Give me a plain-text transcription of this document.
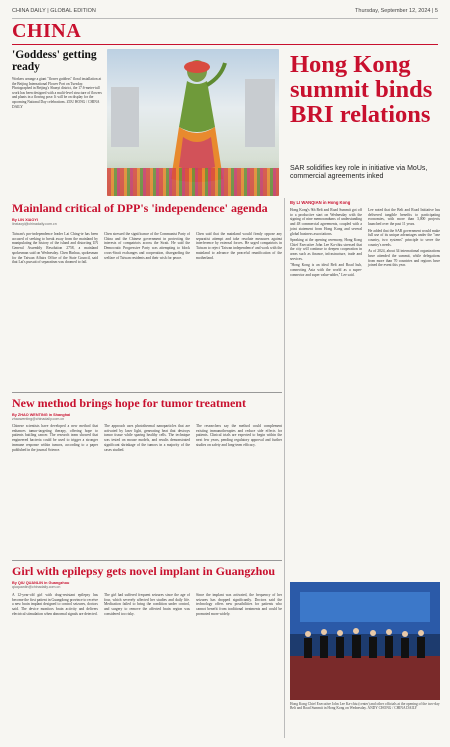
CHINA DAILY | GLOBAL EDITION	Thursday, September 12, 2024 | 5
CHINA
'Goddess' getting ready

Workers arrange a giant "flower goddess" floral installation at the Beijing International Flower Port on Tuesday. Photographed in Beijing's Shunyi district, the 17.6-meter-tall work has been designed with a multi-level structure of flowers and plants in a flowing pose. It will be on display for the upcoming National Day celebrations. ZOU HONG / CHINA DAILY

Hong Kong summit binds BRI relations
SAR solidifies key role in initiative via MoUs, commercial agreements inked
By LI WANQIAN in Hong Kong

Hong Kong's 9th Belt and Road Summit got off to a productive start on Wednesday with the signing of nine memorandums of understanding and 48 commercial agreements, coupled with a joint statement from Hong Kong and several global business associations.

Speaking at the opening ceremony, Hong Kong Chief Executive John Lee Ka-chiu stressed that the city will continue to deepen cooperation in areas such as finance, infrastructure, trade and services.

"Hong Kong is an ideal Belt and Road hub, connecting Asia with the world as a super-connector and super value-adder," Lee said.

Lee noted that the Belt and Road Initiative has delivered tangible benefits to participating economies, with more than 3,000 projects launched over the past 11 years.

He added that the SAR government would make full use of its unique advantages under the "one country, two systems" principle to serve the country's needs.

As of 2024, about 34 international organizations have attended the summit, while delegations from more than 70 countries and regions have joined the event this year.

Hong Kong Chief Executive John Lee Ka-chiu (center) and other officials at the opening of the two-day Belt and Road Summit in Hong Kong on Wednesday. ANDY CHONG / CHINA DAILY
Mainland critical of DPP's 'independence' agenda
By LIN XIAOYI
linxiaoyi@chinadaily.com.cn

Taiwan's pro-independence leader Lai Ching-te has been accused of seeking to break away from the mainland by manipulating the history of the island and distorting UN General Assembly Resolution 2758, a mainland spokesman said on Wednesday. Chen Binhua, spokesman for the Taiwan Affairs Office of the State Council, said that Lai's pursuit of separatism was doomed to fail.

Chen stressed the significance of the Communist Party of China and the Chinese government in protecting the interests of compatriots across the Strait. He said the Democratic Progressive Party was attempting to block cross-Strait exchanges and cooperation, disregarding the welfare of Taiwan residents and their wish for peace.

Chen said that the mainland would firmly oppose any separatist attempt and take resolute measures against interference by external forces. He urged compatriots in Taiwan to reject 'Taiwan independence' and work with the mainland to advance the peaceful reunification of the motherland.

New method brings hope for tumor treatment
By ZHAO WENTING in Shanghai
zhaowenting@chinadaily.com.cn

Chinese scientists have developed a new method that enhances tumor-targeting therapy, offering hope to patients battling cancer. The research team showed that engineered bacteria could be used to trigger a stronger immune response within tumors, according to a paper published in the journal Science.

The approach uses photothermal nanoparticles that are activated by laser light, generating heat that destroys tumor tissue while sparing healthy cells. The technique was tested on mouse models, and results demonstrated significant shrinkage of the tumors in a majority of the cases studied.

The researchers say the method could complement existing immunotherapies and reduce side effects for patients. Clinical trials are expected to begin within the next few years, pending regulatory approval and further studies on safety and long-term efficacy.

Girl with epilepsy gets novel implant in Guangzhou
By QIU QUANLIN in Guangzhou
qiuquanlin@chinadaily.com.cn

A 12-year-old girl with drug-resistant epilepsy has become the first patient in Guangdong province to receive a new brain implant designed to control seizures, doctors said. The device monitors brain activity and delivers electrical stimulation when abnormal signals are detected.

The girl had suffered frequent seizures since the age of four, which severely affected her studies and daily life. Medication failed to bring the condition under control, and surgery to remove the affected brain region was considered too risky.

Since the implant was activated, the frequency of her seizures has dropped significantly. Doctors said the technology offers new possibilities for patients who cannot benefit from traditional treatments and could be promoted more widely.
